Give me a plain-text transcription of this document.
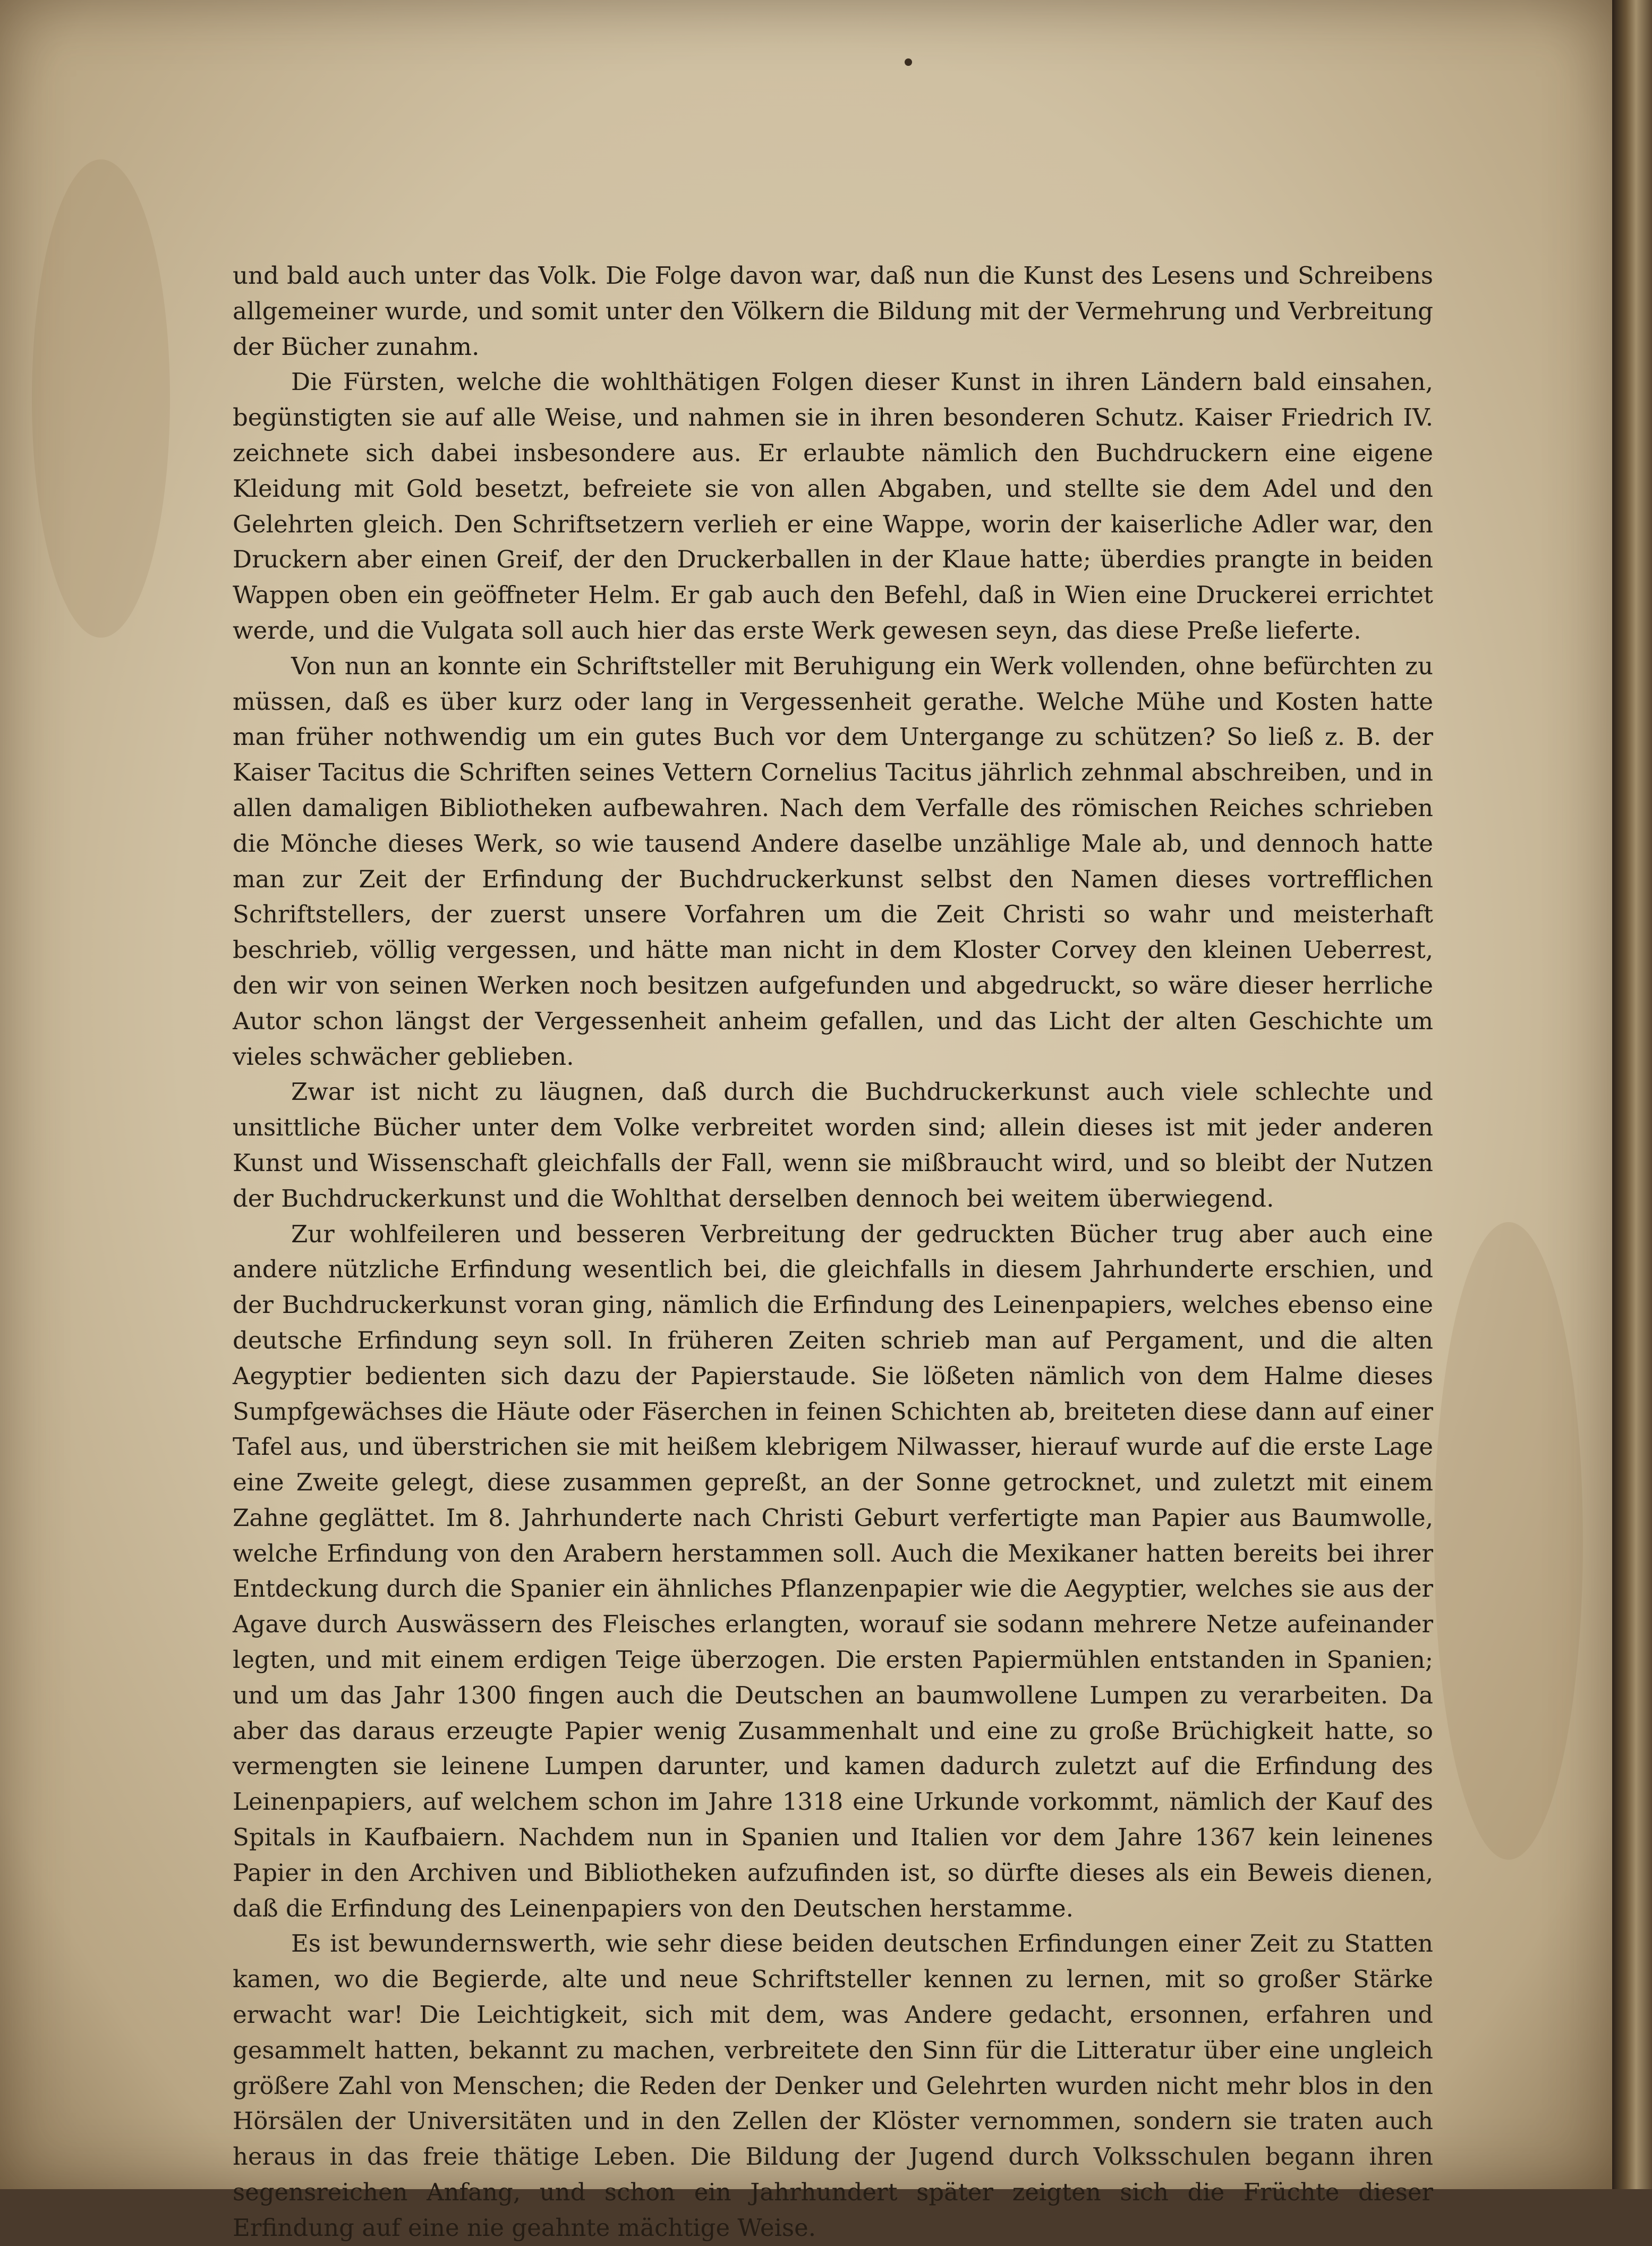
und bald auch unter das Volk. Die Folge davon war, daß nun die Kunst des Lesens und Schreibens allgemeiner wurde, und somit unter den Völkern die Bildung mit der Vermehrung und Verbreitung der Bücher zunahm.

Die Fürsten, welche die wohlthätigen Folgen dieser Kunst in ihren Ländern bald einsahen, begünstigten sie auf alle Weise, und nahmen sie in ihren besonderen Schutz. Kaiser Friedrich IV. zeichnete sich dabei insbesondere aus. Er erlaubte nämlich den Buchdruckern eine eigene Kleidung mit Gold besetzt, befreiete sie von allen Abgaben, und stellte sie dem Adel und den Gelehrten gleich. Den Schriftsetzern verlieh er eine Wappe, worin der kaiserliche Adler war, den Druckern aber einen Greif, der den Druckerballen in der Klaue hatte; überdies prangte in beiden Wappen oben ein geöffneter Helm. Er gab auch den Befehl, daß in Wien eine Druckerei errichtet werde, und die Vulgata soll auch hier das erste Werk gewesen seyn, das diese Preße lieferte.

Von nun an konnte ein Schriftsteller mit Beruhigung ein Werk vollenden, ohne befürchten zu müssen, daß es über kurz oder lang in Vergessenheit gerathe. Welche Mühe und Kosten hatte man früher nothwendig um ein gutes Buch vor dem Untergange zu schützen? So ließ z. B. der Kaiser Tacitus die Schriften seines Vettern Cornelius Tacitus jährlich zehnmal abschreiben, und in allen damaligen Bibliotheken aufbewahren. Nach dem Verfalle des römischen Reiches schrieben die Mönche dieses Werk, so wie tausend Andere daselbe unzählige Male ab, und dennoch hatte man zur Zeit der Erfindung der Buchdruckerkunst selbst den Namen dieses vortrefflichen Schriftstellers, der zuerst unsere Vorfahren um die Zeit Christi so wahr und meisterhaft beschrieb, völlig vergessen, und hätte man nicht in dem Kloster Corvey den kleinen Ueberrest, den wir von seinen Werken noch besitzen aufgefunden und abgedruckt, so wäre dieser herrliche Autor schon längst der Vergessenheit anheim gefallen, und das Licht der alten Geschichte um vieles schwächer geblieben.

Zwar ist nicht zu läugnen, daß durch die Buchdruckerkunst auch viele schlechte und unsittliche Bücher unter dem Volke verbreitet worden sind; allein dieses ist mit jeder anderen Kunst und Wissenschaft gleichfalls der Fall, wenn sie mißbraucht wird, und so bleibt der Nutzen der Buchdruckerkunst und die Wohlthat derselben dennoch bei weitem überwiegend.

Zur wohlfeileren und besseren Verbreitung der gedruckten Bücher trug aber auch eine andere nützliche Erfindung wesentlich bei, die gleichfalls in diesem Jahrhunderte erschien, und der Buchdruckerkunst voran ging, nämlich die Erfindung des Leinenpapiers, welches ebenso eine deutsche Erfindung seyn soll. In früheren Zeiten schrieb man auf Pergament, und die alten Aegyptier bedienten sich dazu der Papierstaude. Sie lößeten nämlich von dem Halme dieses Sumpfgewächses die Häute oder Fäserchen in feinen Schichten ab, breiteten diese dann auf einer Tafel aus, und überstrichen sie mit heißem klebrigem Nilwasser, hierauf wurde auf die erste Lage eine Zweite gelegt, diese zusammen gepreßt, an der Sonne getrocknet, und zuletzt mit einem Zahne geglättet. Im 8. Jahrhunderte nach Christi Geburt verfertigte man Papier aus Baumwolle, welche Erfindung von den Arabern herstammen soll. Auch die Mexikaner hatten bereits bei ihrer Entdeckung durch die Spanier ein ähnliches Pflanzenpapier wie die Aegyptier, welches sie aus der Agave durch Auswässern des Fleisches erlangten, worauf sie sodann mehrere Netze aufeinander legten, und mit einem erdigen Teige überzogen. Die ersten Papiermühlen entstanden in Spanien; und um das Jahr 1300 fingen auch die Deutschen an baumwollene Lumpen zu verarbeiten. Da aber das daraus erzeugte Papier wenig Zusammenhalt und eine zu große Brüchigkeit hatte, so vermengten sie leinene Lumpen darunter, und kamen dadurch zuletzt auf die Erfindung des Leinenpapiers, auf welchem schon im Jahre 1318 eine Urkunde vorkommt, nämlich der Kauf des Spitals in Kaufbaiern. Nachdem nun in Spanien und Italien vor dem Jahre 1367 kein leinenes Papier in den Archiven und Bibliotheken aufzufinden ist, so dürfte dieses als ein Beweis dienen, daß die Erfindung des Leinenpapiers von den Deutschen herstamme.

Es ist bewundernswerth, wie sehr diese beiden deutschen Erfindungen einer Zeit zu Statten kamen, wo die Begierde, alte und neue Schriftsteller kennen zu lernen, mit so großer Stärke erwacht war! Die Leichtigkeit, sich mit dem, was Andere gedacht, ersonnen, erfahren und gesammelt hatten, bekannt zu machen, verbreitete den Sinn für die Litteratur über eine ungleich größere Zahl von Menschen; die Reden der Denker und Gelehrten wurden nicht mehr blos in den Hörsälen der Universitäten und in den Zellen der Klöster vernommen, sondern sie traten auch heraus in das freie thätige Leben. Die Bildung der Jugend durch Volksschulen begann ihren segensreichen Anfang, und schon ein Jahrhundert später zeigten sich die Früchte dieser Erfindung auf eine nie geahnte mächtige Weise.
